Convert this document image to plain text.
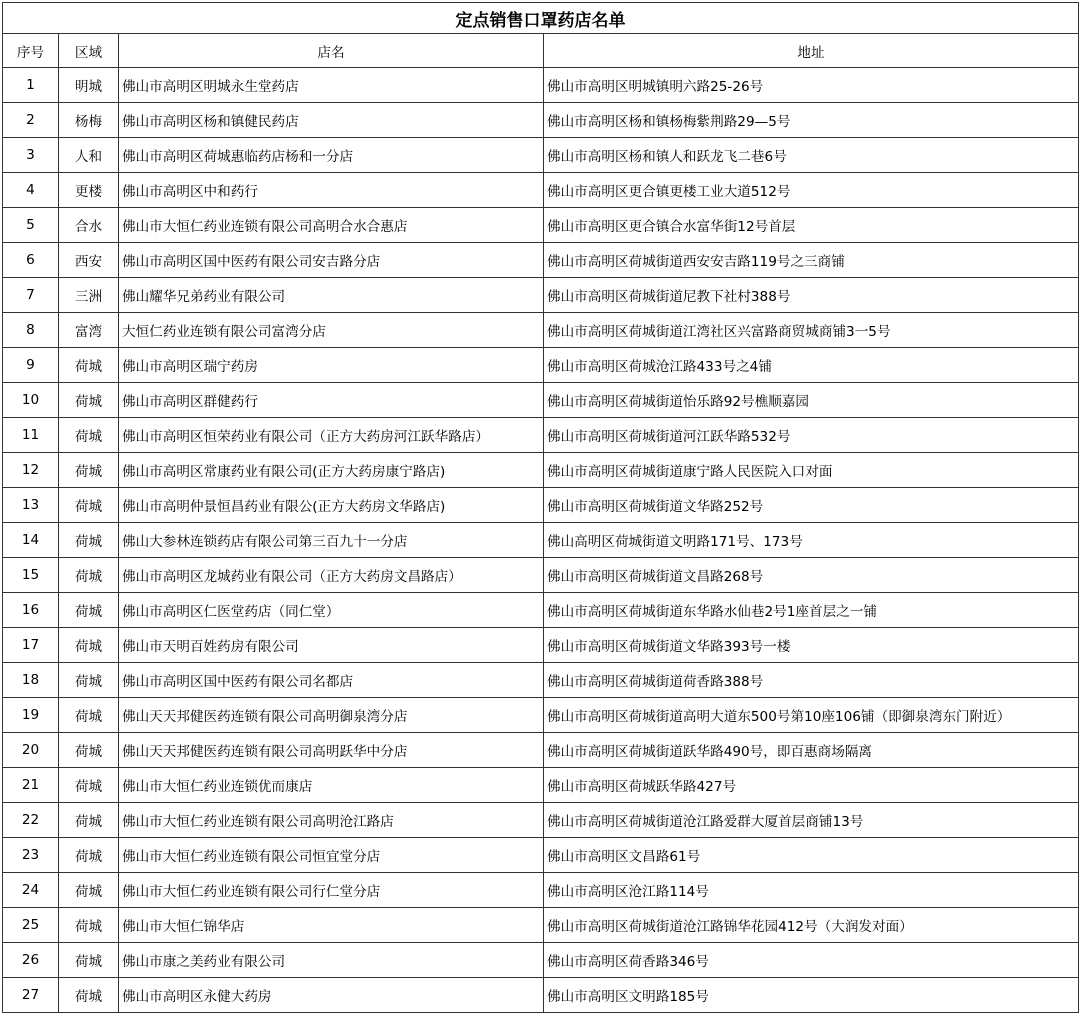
定点销售口罩药店名单			
序号	区域	店名	地址
1	明城	佛山市高明区明城永生堂药店	佛山市高明区明城镇明六路25-26号
2	杨梅	佛山市高明区杨和镇健民药店	佛山市高明区杨和镇杨梅紫荆路29—5号
3	人和	佛山市高明区荷城惠临药店杨和一分店	佛山市高明区杨和镇人和跃龙飞二巷6号
4	更楼	佛山市高明区中和药行	佛山市高明区更合镇更楼工业大道512号
5	合水	佛山市大恒仁药业连锁有限公司高明合水合惠店	佛山市高明区更合镇合水富华街12号首层
6	西安	佛山市高明区国中医药有限公司安吉路分店	佛山市高明区荷城街道西安安吉路119号之三商铺
7	三洲	佛山耀华兄弟药业有限公司	佛山市高明区荷城街道尼教下社村388号
8	富湾	大恒仁药业连锁有限公司富湾分店	佛山市高明区荷城街道江湾社区兴富路商贸城商铺3一5号
9	荷城	佛山市高明区瑞宁药房	佛山市高明区荷城沧江路433号之4铺
10	荷城	佛山市高明区群健药行	佛山市高明区荷城街道怡乐路92号樵顺嘉园
11	荷城	佛山市高明区恒荣药业有限公司（正方大药房河江跃华路店）	佛山市高明区荷城街道河江跃华路532号
12	荷城	佛山市高明区常康药业有限公司(正方大药房康宁路店)	佛山市高明区荷城街道康宁路人民医院入口对面
13	荷城	佛山市高明仲景恒昌药业有限公(正方大药房文华路店)	佛山市高明区荷城街道文华路252号
14	荷城	佛山大参林连锁药店有限公司第三百九十一分店	佛山高明区荷城街道文明路171号、173号
15	荷城	佛山市高明区龙城药业有限公司（正方大药房文昌路店）	佛山市高明区荷城街道文昌路268号
16	荷城	佛山市高明区仁医堂药店（同仁堂）	佛山市高明区荷城街道东华路水仙巷2号1座首层之一铺
17	荷城	佛山市天明百姓药房有限公司	佛山市高明区荷城街道文华路393号一楼
18	荷城	佛山市高明区国中医药有限公司名都店	佛山市高明区荷城街道荷香路388号
19	荷城	佛山天天邦健医药连锁有限公司高明御泉湾分店	佛山市高明区荷城街道高明大道东500号第10座106铺（即御泉湾东门附近）
20	荷城	佛山天天邦健医药连锁有限公司高明跃华中分店	佛山市高明区荷城街道跃华路490号，即百惠商场隔离
21	荷城	佛山市大恒仁药业连锁优而康店	佛山市高明区荷城跃华路427号
22	荷城	佛山市大恒仁药业连锁有限公司高明沧江路店	佛山市高明区荷城街道沧江路爱群大厦首层商铺13号
23	荷城	佛山市大恒仁药业连锁有限公司恒宜堂分店	佛山市高明区文昌路61号
24	荷城	佛山市大恒仁药业连锁有限公司行仁堂分店	佛山市高明区沧江路114号
25	荷城	佛山市大恒仁锦华店	佛山市高明区荷城街道沧江路锦华花园412号（大润发对面）
26	荷城	佛山市康之美药业有限公司	佛山市高明区荷香路346号
27	荷城	佛山市高明区永健大药房	佛山市高明区文明路185号
